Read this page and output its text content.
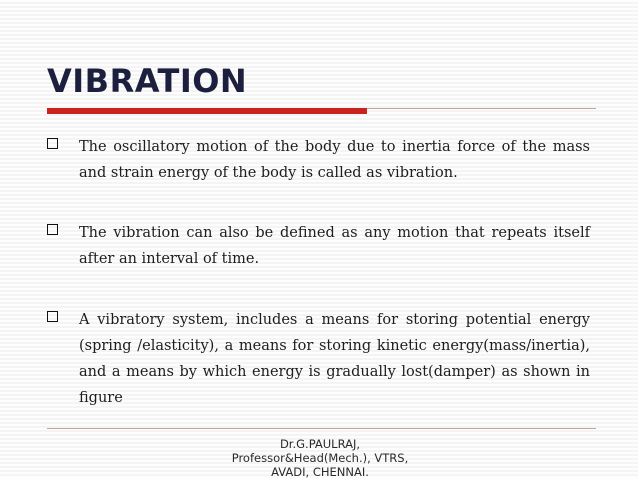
VIBRATION

The oscillatory motion of the body due to inertia force of the mass and strain energy of the body is called as vibration.

The vibration can also be defined as any motion that repeats itself after an interval of time.

A vibratory system, includes a means for storing potential energy (spring /elasticity), a means for storing kinetic energy(mass/inertia), and a means by which energy is gradually lost(damper) as shown in figure

Dr.G.PAULRAJ,
Professor&Head(Mech.), VTRS,
AVADI, CHENNAI.
